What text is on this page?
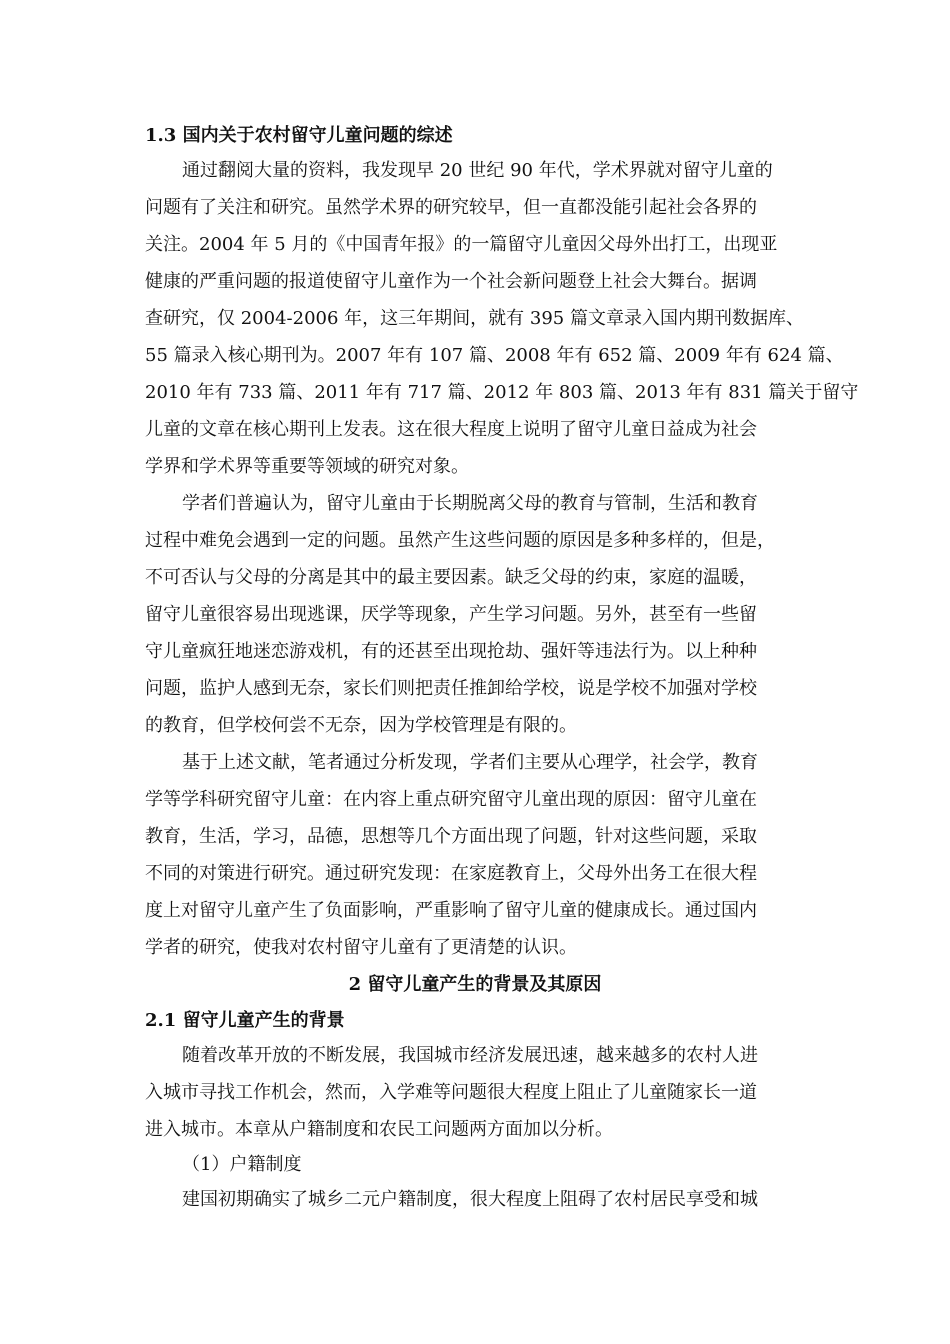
1.3 国内关于农村留守儿童问题的综述
通过翻阅大量的资料，我发现早 20 世纪 90 年代，学术界就对留守儿童的
问题有了关注和研究。虽然学术界的研究较早，但一直都没能引起社会各界的
关注。2004 年 5 月的《中国青年报》的一篇留守儿童因父母外出打工，出现亚
健康的严重问题的报道使留守儿童作为一个社会新问题登上社会大舞台。据调
查研究，仅 2004-2006 年，这三年期间，就有 395 篇文章录入国内期刊数据库、
55 篇录入核心期刊为。2007 年有 107 篇、2008 年有 652 篇、2009 年有 624 篇、
2010 年有 733 篇、2011 年有 717 篇、2012 年 803 篇、2013 年有 831 篇关于留守
儿童的文章在核心期刊上发表。这在很大程度上说明了留守儿童日益成为社会
学界和学术界等重要等领域的研究对象。
学者们普遍认为，留守儿童由于长期脱离父母的教育与管制，生活和教育
过程中难免会遇到一定的问题。虽然产生这些问题的原因是多种多样的，但是，
不可否认与父母的分离是其中的最主要因素。缺乏父母的约束，家庭的温暖，
留守儿童很容易出现逃课，厌学等现象，产生学习问题。另外，甚至有一些留
守儿童疯狂地迷恋游戏机，有的还甚至出现抢劫、强奸等违法行为。以上种种
问题，监护人感到无奈，家长们则把责任推卸给学校，说是学校不加强对学校
的教育，但学校何尝不无奈，因为学校管理是有限的。
基于上述文献，笔者通过分析发现，学者们主要从心理学，社会学，教育
学等学科研究留守儿童：在内容上重点研究留守儿童出现的原因：留守儿童在
教育，生活，学习，品德，思想等几个方面出现了问题，针对这些问题，采取
不同的对策进行研究。通过研究发现：在家庭教育上，父母外出务工在很大程
度上对留守儿童产生了负面影响，严重影响了留守儿童的健康成长。通过国内
学者的研究，使我对农村留守儿童有了更清楚的认识。
2 留守儿童产生的背景及其原因
2.1 留守儿童产生的背景
随着改革开放的不断发展，我国城市经济发展迅速，越来越多的农村人进
入城市寻找工作机会，然而，入学难等问题很大程度上阻止了儿童随家长一道
进入城市。本章从户籍制度和农民工问题两方面加以分析。
（1）户籍制度
建国初期确实了城乡二元户籍制度，很大程度上阻碍了农村居民享受和城
